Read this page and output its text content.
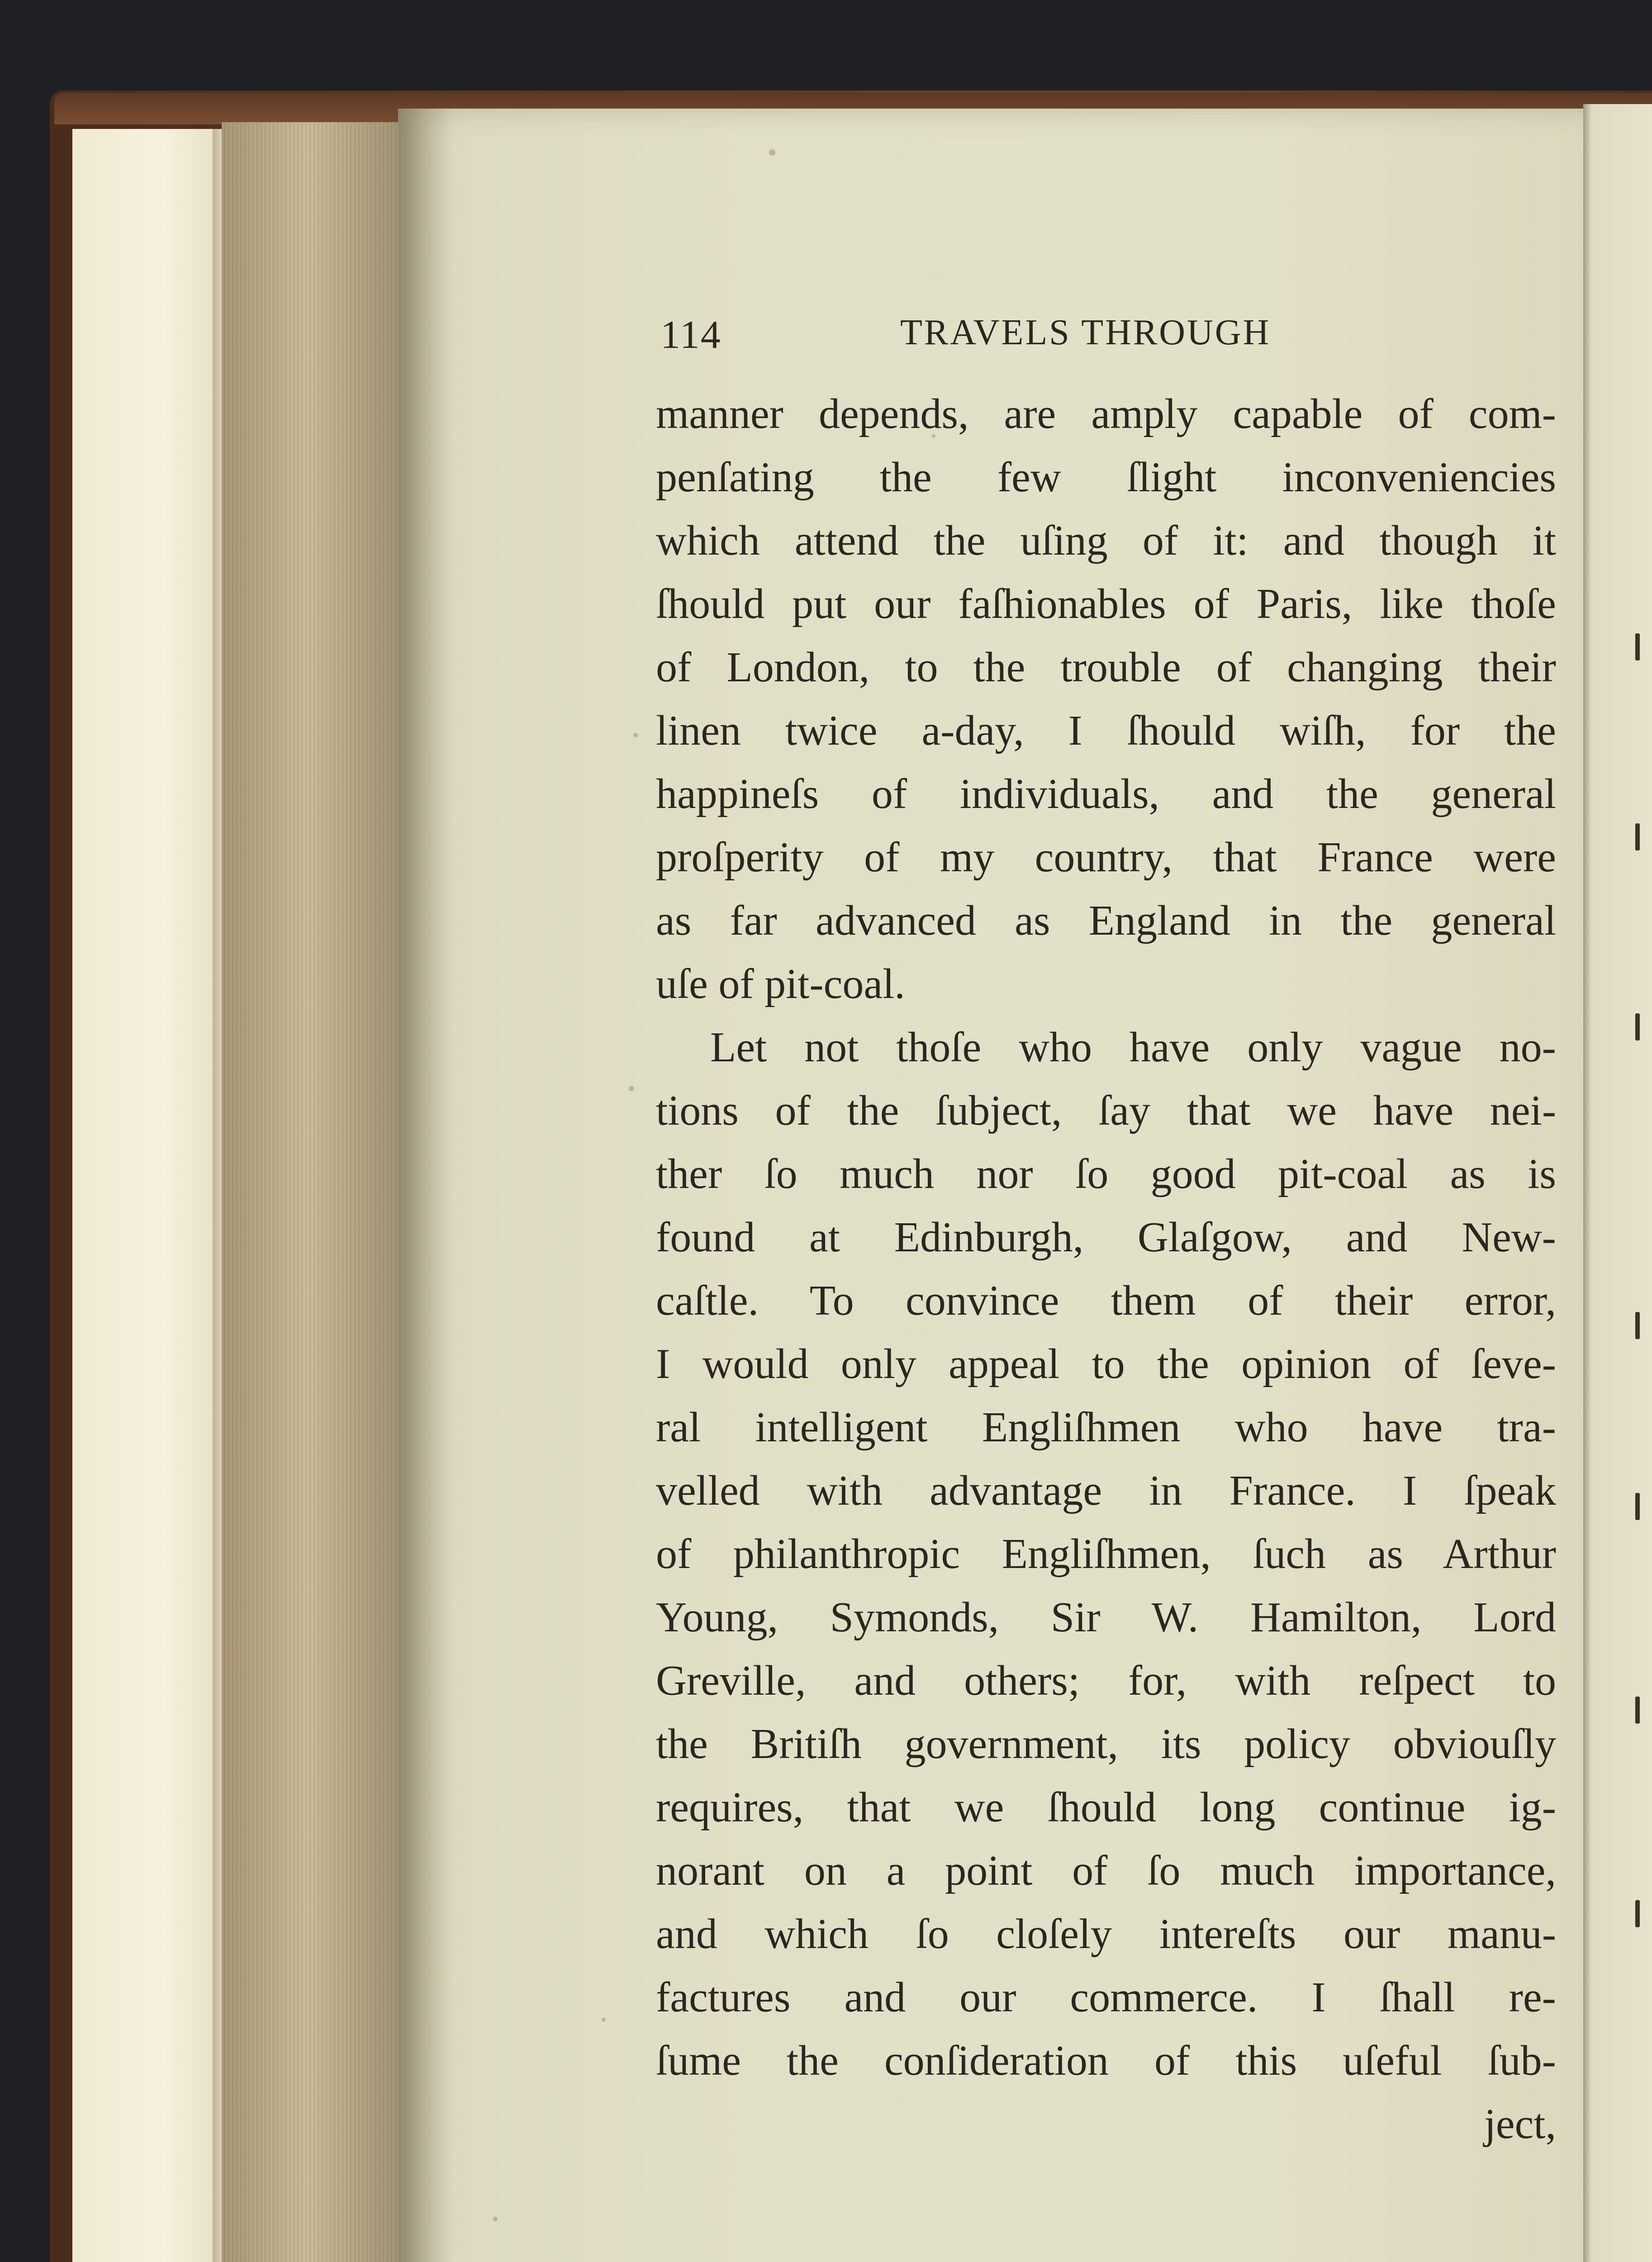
114	TRAVELS THROUGH
manner depends, are amply capable of com-
penſating the few ſlight inconveniencies
which attend the uſing of it: and though it
ſhould put our faſhionables of Paris, like thoſe
of London, to the trouble of changing their
linen twice a-day, I ſhould wiſh, for the
happineſs of individuals, and the general
proſperity of my country, that France were
as far advanced as England in the general
uſe of pit-coal.
Let not thoſe who have only vague no-
tions of the ſubject, ſay that we have nei-
ther ſo much nor ſo good pit-coal as is
found at Edinburgh, Glaſgow, and New-
caſtle. To convince them of their error,
I would only appeal to the opinion of ſeve-
ral intelligent Engliſhmen who have tra-
velled with advantage in France. I ſpeak
of philanthropic Engliſhmen, ſuch as Arthur
Young, Symonds, Sir W. Hamilton, Lord
Greville, and others; for, with reſpect to
the Britiſh government, its policy obviouſly
requires, that we ſhould long continue ig-
norant on a point of ſo much importance,
and which ſo cloſely intereſts our manu-
factures and our commerce. I ſhall re-
ſume the conſideration of this uſeful ſub-
ject,
